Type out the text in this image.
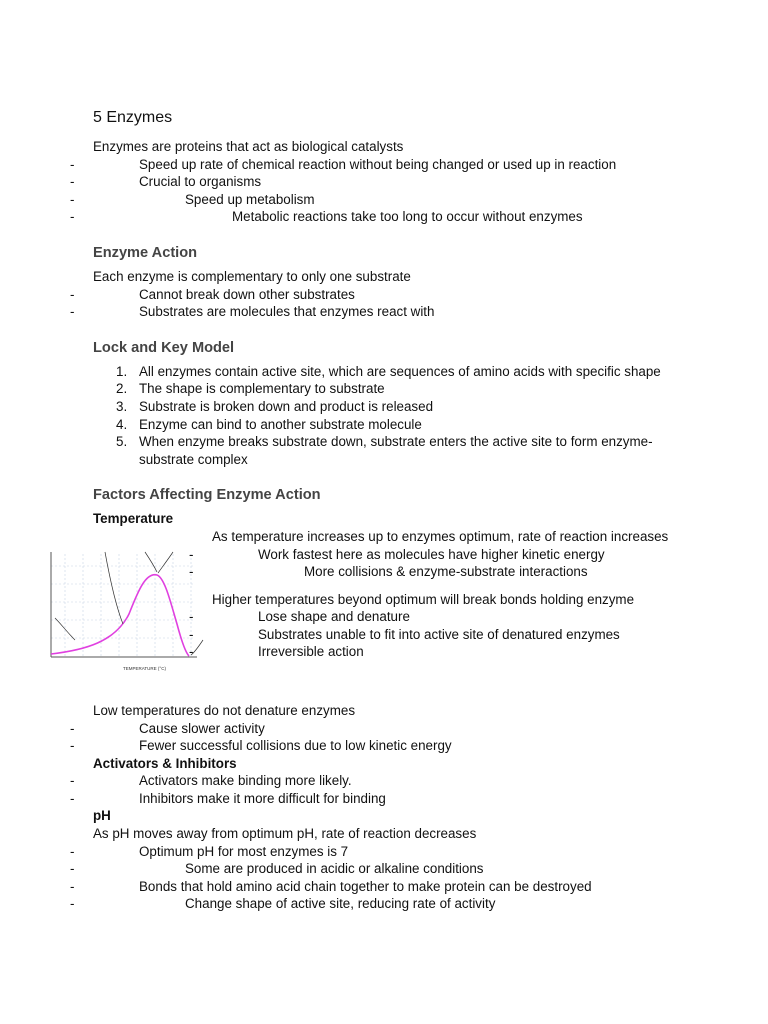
5 Enzymes

Enzymes are proteins that act as biological catalysts

- Speed up rate of chemical reaction without being changed or used up in reaction
- Crucial to organisms
- Speed up metabolism
- Metabolic reactions take too long to occur without enzymes
Enzyme Action

Each enzyme is complementary to only one substrate

- Cannot break down other substrates
- Substrates are molecules that enzymes react with
Lock and Key Model
1. All enzymes contain active site, which are sequences of amino acids with specific shape
2. The shape is complementary to substrate
3. Substrate is broken down and product is released
4. Enzyme can bind to another substrate molecule
5. When enzyme breaks substrate down, substrate enters the active site to form enzyme-substrate complex
Factors Affecting Enzyme Action
Temperature
TEMPERATURE (°C)

As temperature increases up to enzymes optimum, rate of reaction increases

- Work fastest here as molecules have higher kinetic energy
- More collisions & enzyme-substrate interactions

Higher temperatures beyond optimum will break bonds holding enzyme

- Lose shape and denature
- Substrates unable to fit into active site of denatured enzymes
- Irreversible action

Low temperatures do not denature enzymes

- Cause slower activity
- Fewer successful collisions due to low kinetic energy
Activators & Inhibitors
- Activators make binding more likely.
- Inhibitors make it more difficult for binding
pH

As pH moves away from optimum pH, rate of reaction decreases

- Optimum pH for most enzymes is 7
- Some are produced in acidic or alkaline conditions
- Bonds that hold amino acid chain together to make protein can be destroyed
- Change shape of active site, reducing rate of activity
